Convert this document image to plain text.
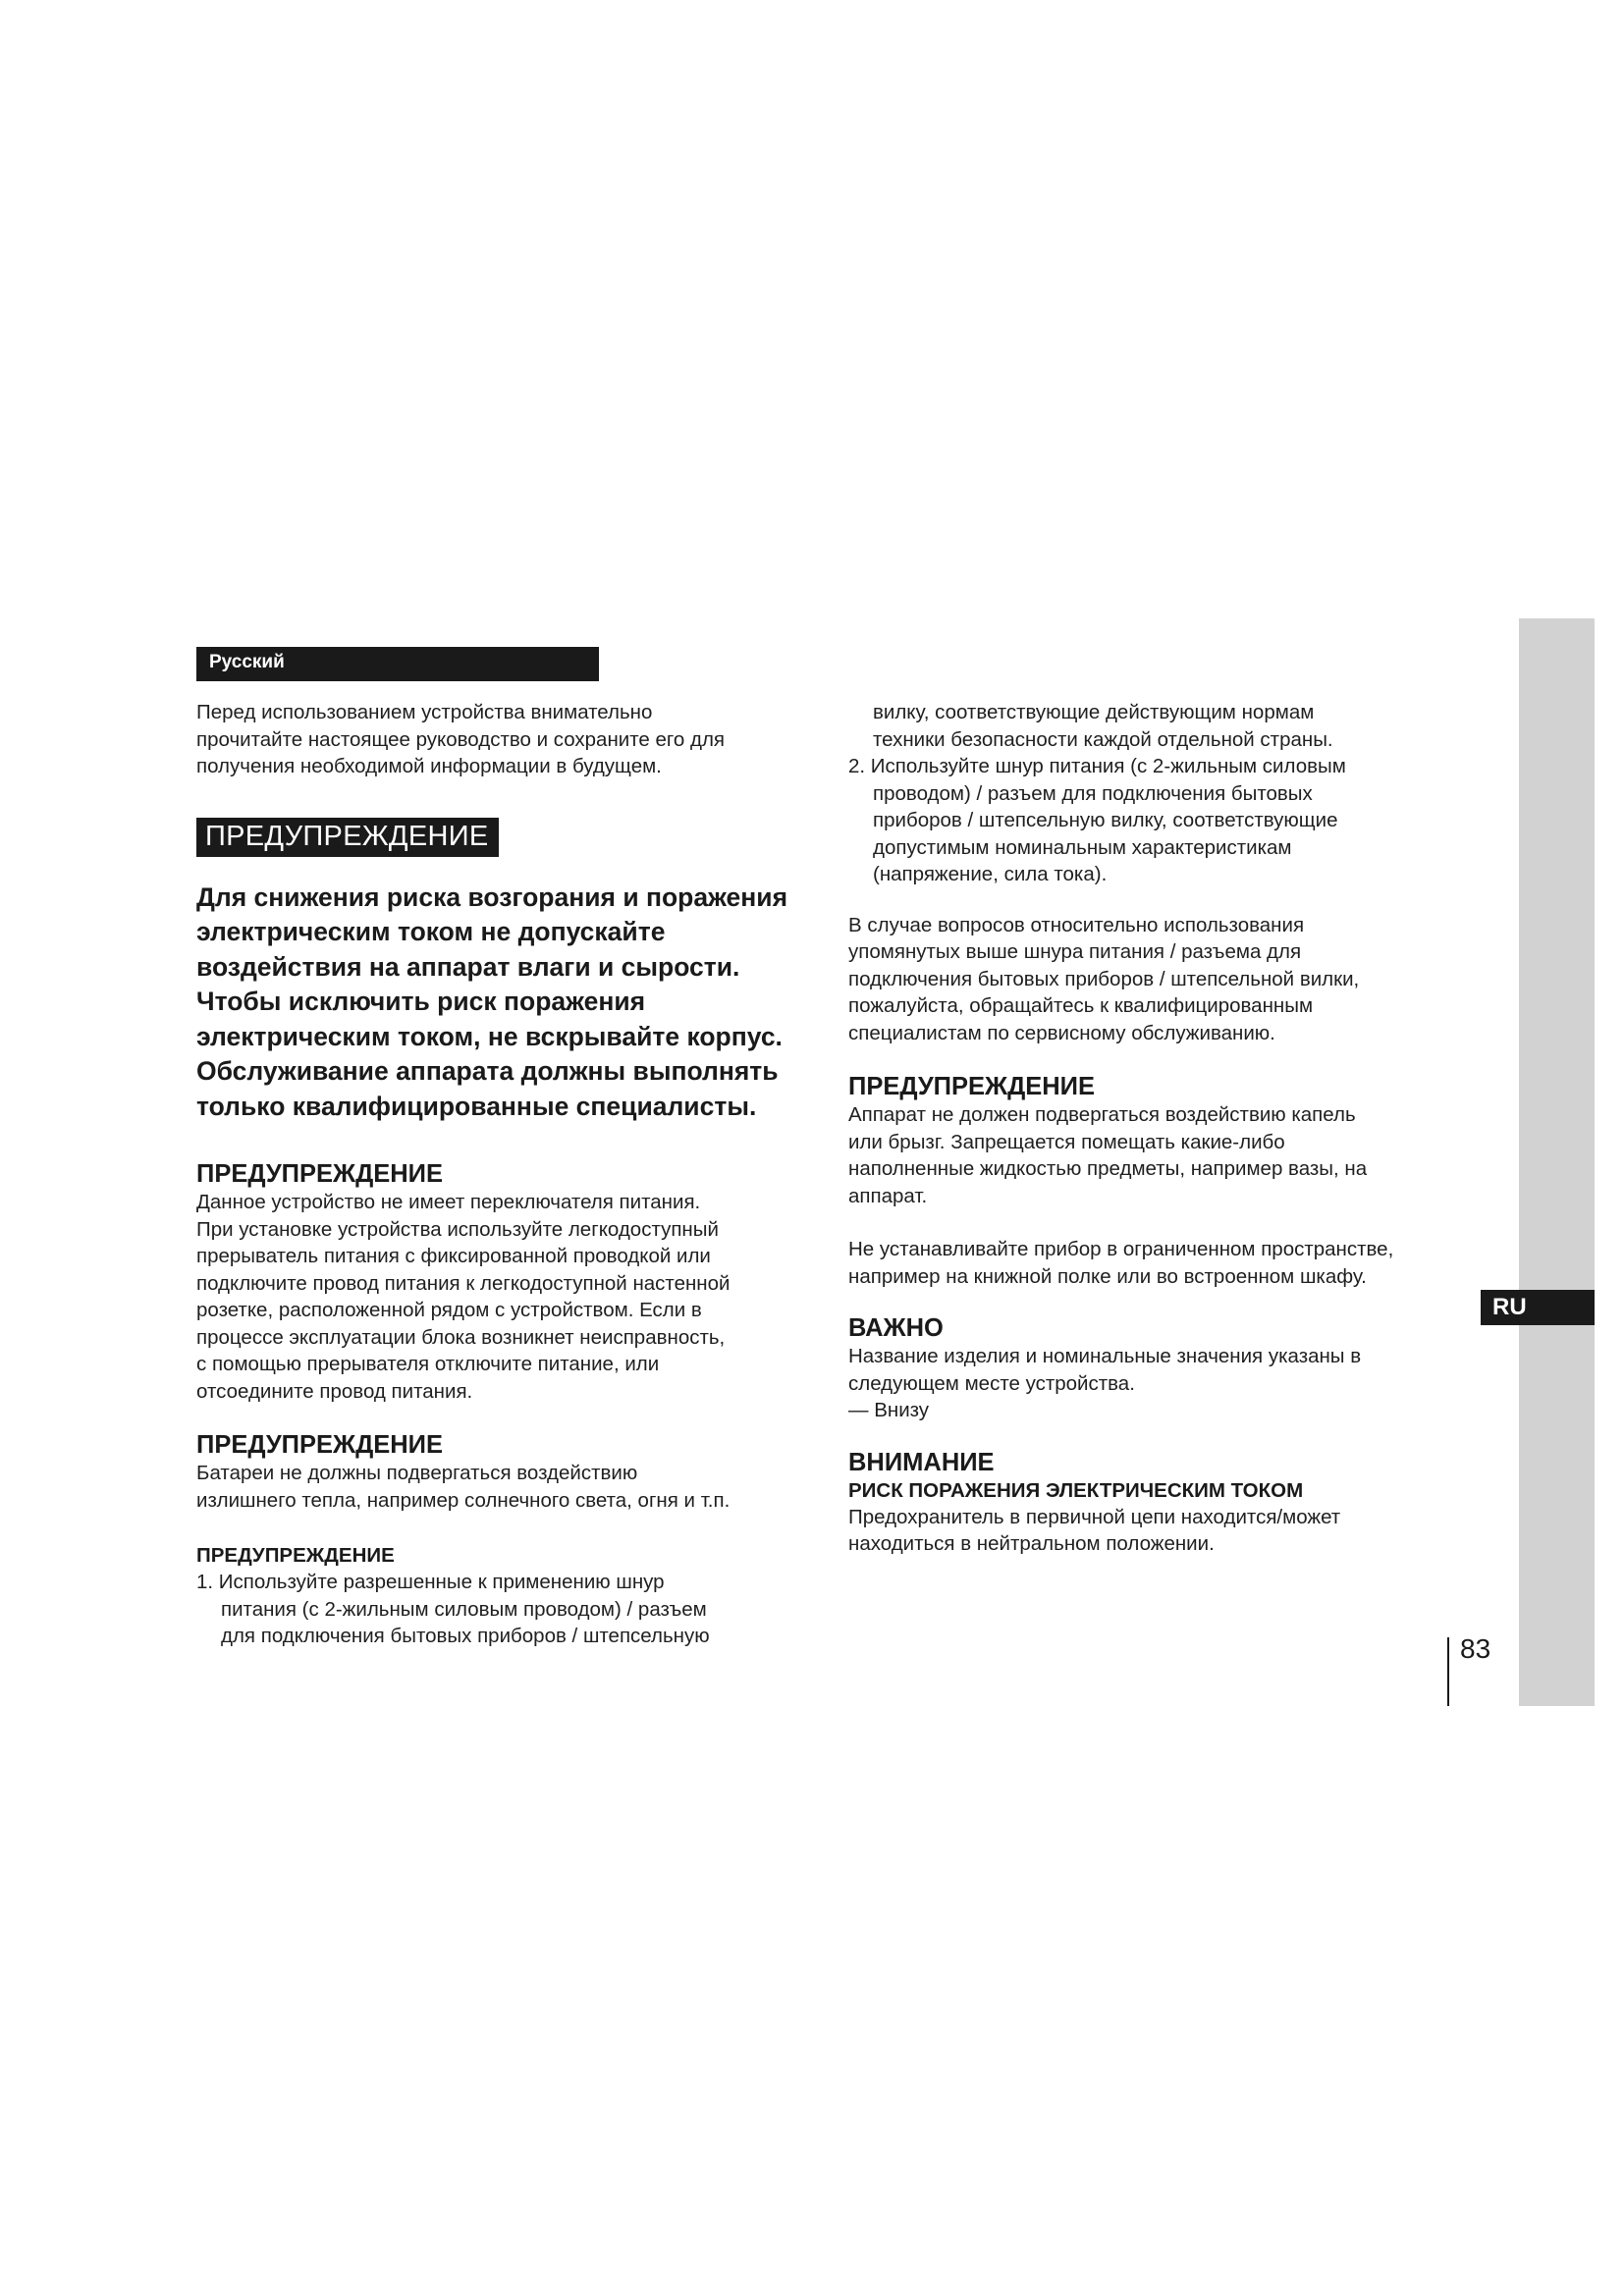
Русский

Перед использованием устройства внимательно

прочитайте настоящее руководство и сохраните его для

получения необходимой информации в будущем.

ПРЕДУПРЕЖДЕНИЕ
Для снижения риска возгорания и поражения
электрическим током не допускайте
воздействия на аппарат влаги и сырости.
Чтобы исключить риск поражения
электрическим током, не вскрывайте корпус.
Обслуживание аппарата должны выполнять
только квалифицированные специалисты.

ПРЕДУПРЕЖДЕНИЕ

Данное устройство не имеет переключателя питания.

При установке устройства используйте легкодоступный

прерыватель питания с фиксированной проводкой или

подключите провод питания к легкодоступной настенной

розетке, расположенной рядом с устройством. Если в

процессе эксплуатации блока возникнет неисправность,

с помощью прерывателя отключите питание, или

отсоедините провод питания.

ПРЕДУПРЕЖДЕНИЕ

Батареи не должны подвергаться воздействию

излишнего тепла, например солнечного света, огня и т.п.

ПРЕДУПРЕЖДЕНИЕ

1. Используйте разрешенные к применению шнур

питания (с 2-жильным силовым проводом) / разъем

для подключения бытовых приборов / штепсельную

вилку, соответствующие действующим нормам

техники безопасности каждой отдельной страны.

2. Используйте шнур питания (с 2-жильным силовым

проводом) / разъем для подключения бытовых

приборов / штепсельную вилку, соответствующие

допустимым номинальным характеристикам

(напряжение, сила тока).

В случае вопросов относительно использования

упомянутых выше шнура питания / разъема для

подключения бытовых приборов / штепсельной вилки,

пожалуйста, обращайтесь к квалифицированным

специалистам по сервисному обслуживанию.

ПРЕДУПРЕЖДЕНИЕ

Аппарат не должен подвергаться воздействию капель

или брызг. Запрещается помещать какие-либо

наполненные жидкостью предметы, например вазы, на

аппарат.

Не устанавливайте прибор в ограниченном пространстве,

например на книжной полке или во встроенном шкафу.

ВАЖНО

Название изделия и номинальные значения указаны в

следующем месте устройства.

— Внизу

ВНИМАНИЕ

РИСК ПОРАЖЕНИЯ ЭЛЕКТРИЧЕСКИМ ТОКОМ

Предохранитель в первичной цепи находится/может

находиться в нейтральном положении.

RU
83
